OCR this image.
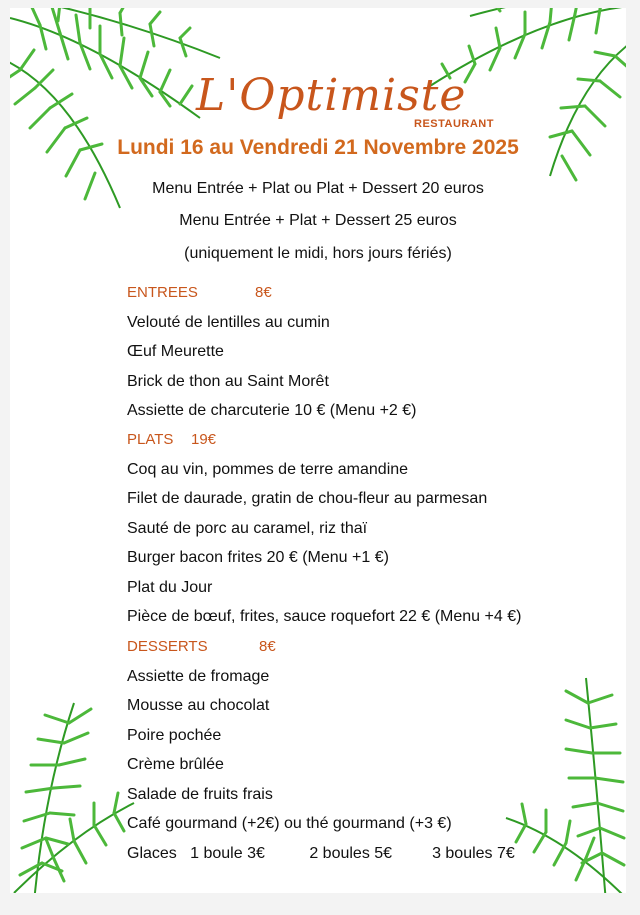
L'Optimiste
RESTAURANT
Lundi 16 au Vendredi 21 Novembre 2025
Menu Entrée + Plat ou Plat + Dessert 20 euros
Menu Entrée + Plat + Dessert 25 euros
(uniquement le midi, hors jours fériés)
ENTREES	8€
Velouté de lentilles au cumin
Œuf Meurette
Brick de thon au Saint Morêt
Assiette de charcuterie 10 € (Menu +2 €)
PLATS 19€
Coq au vin, pommes de terre amandine
Filet de daurade, gratin de chou-fleur au parmesan
Sauté de porc au caramel, riz thaï
Burger bacon frites 20 € (Menu +1 €)
Plat du Jour
Pièce de bœuf, frites, sauce roquefort 22 € (Menu +4 €)
DESSERTS	8€
Assiette de fromage
Mousse au chocolat
Poire pochée
Crème brûlée
Salade de fruits frais
Café gourmand (+2€) ou thé gourmand (+3 €)
Glaces   1 boule 3€          2 boules 5€         3 boules 7€
